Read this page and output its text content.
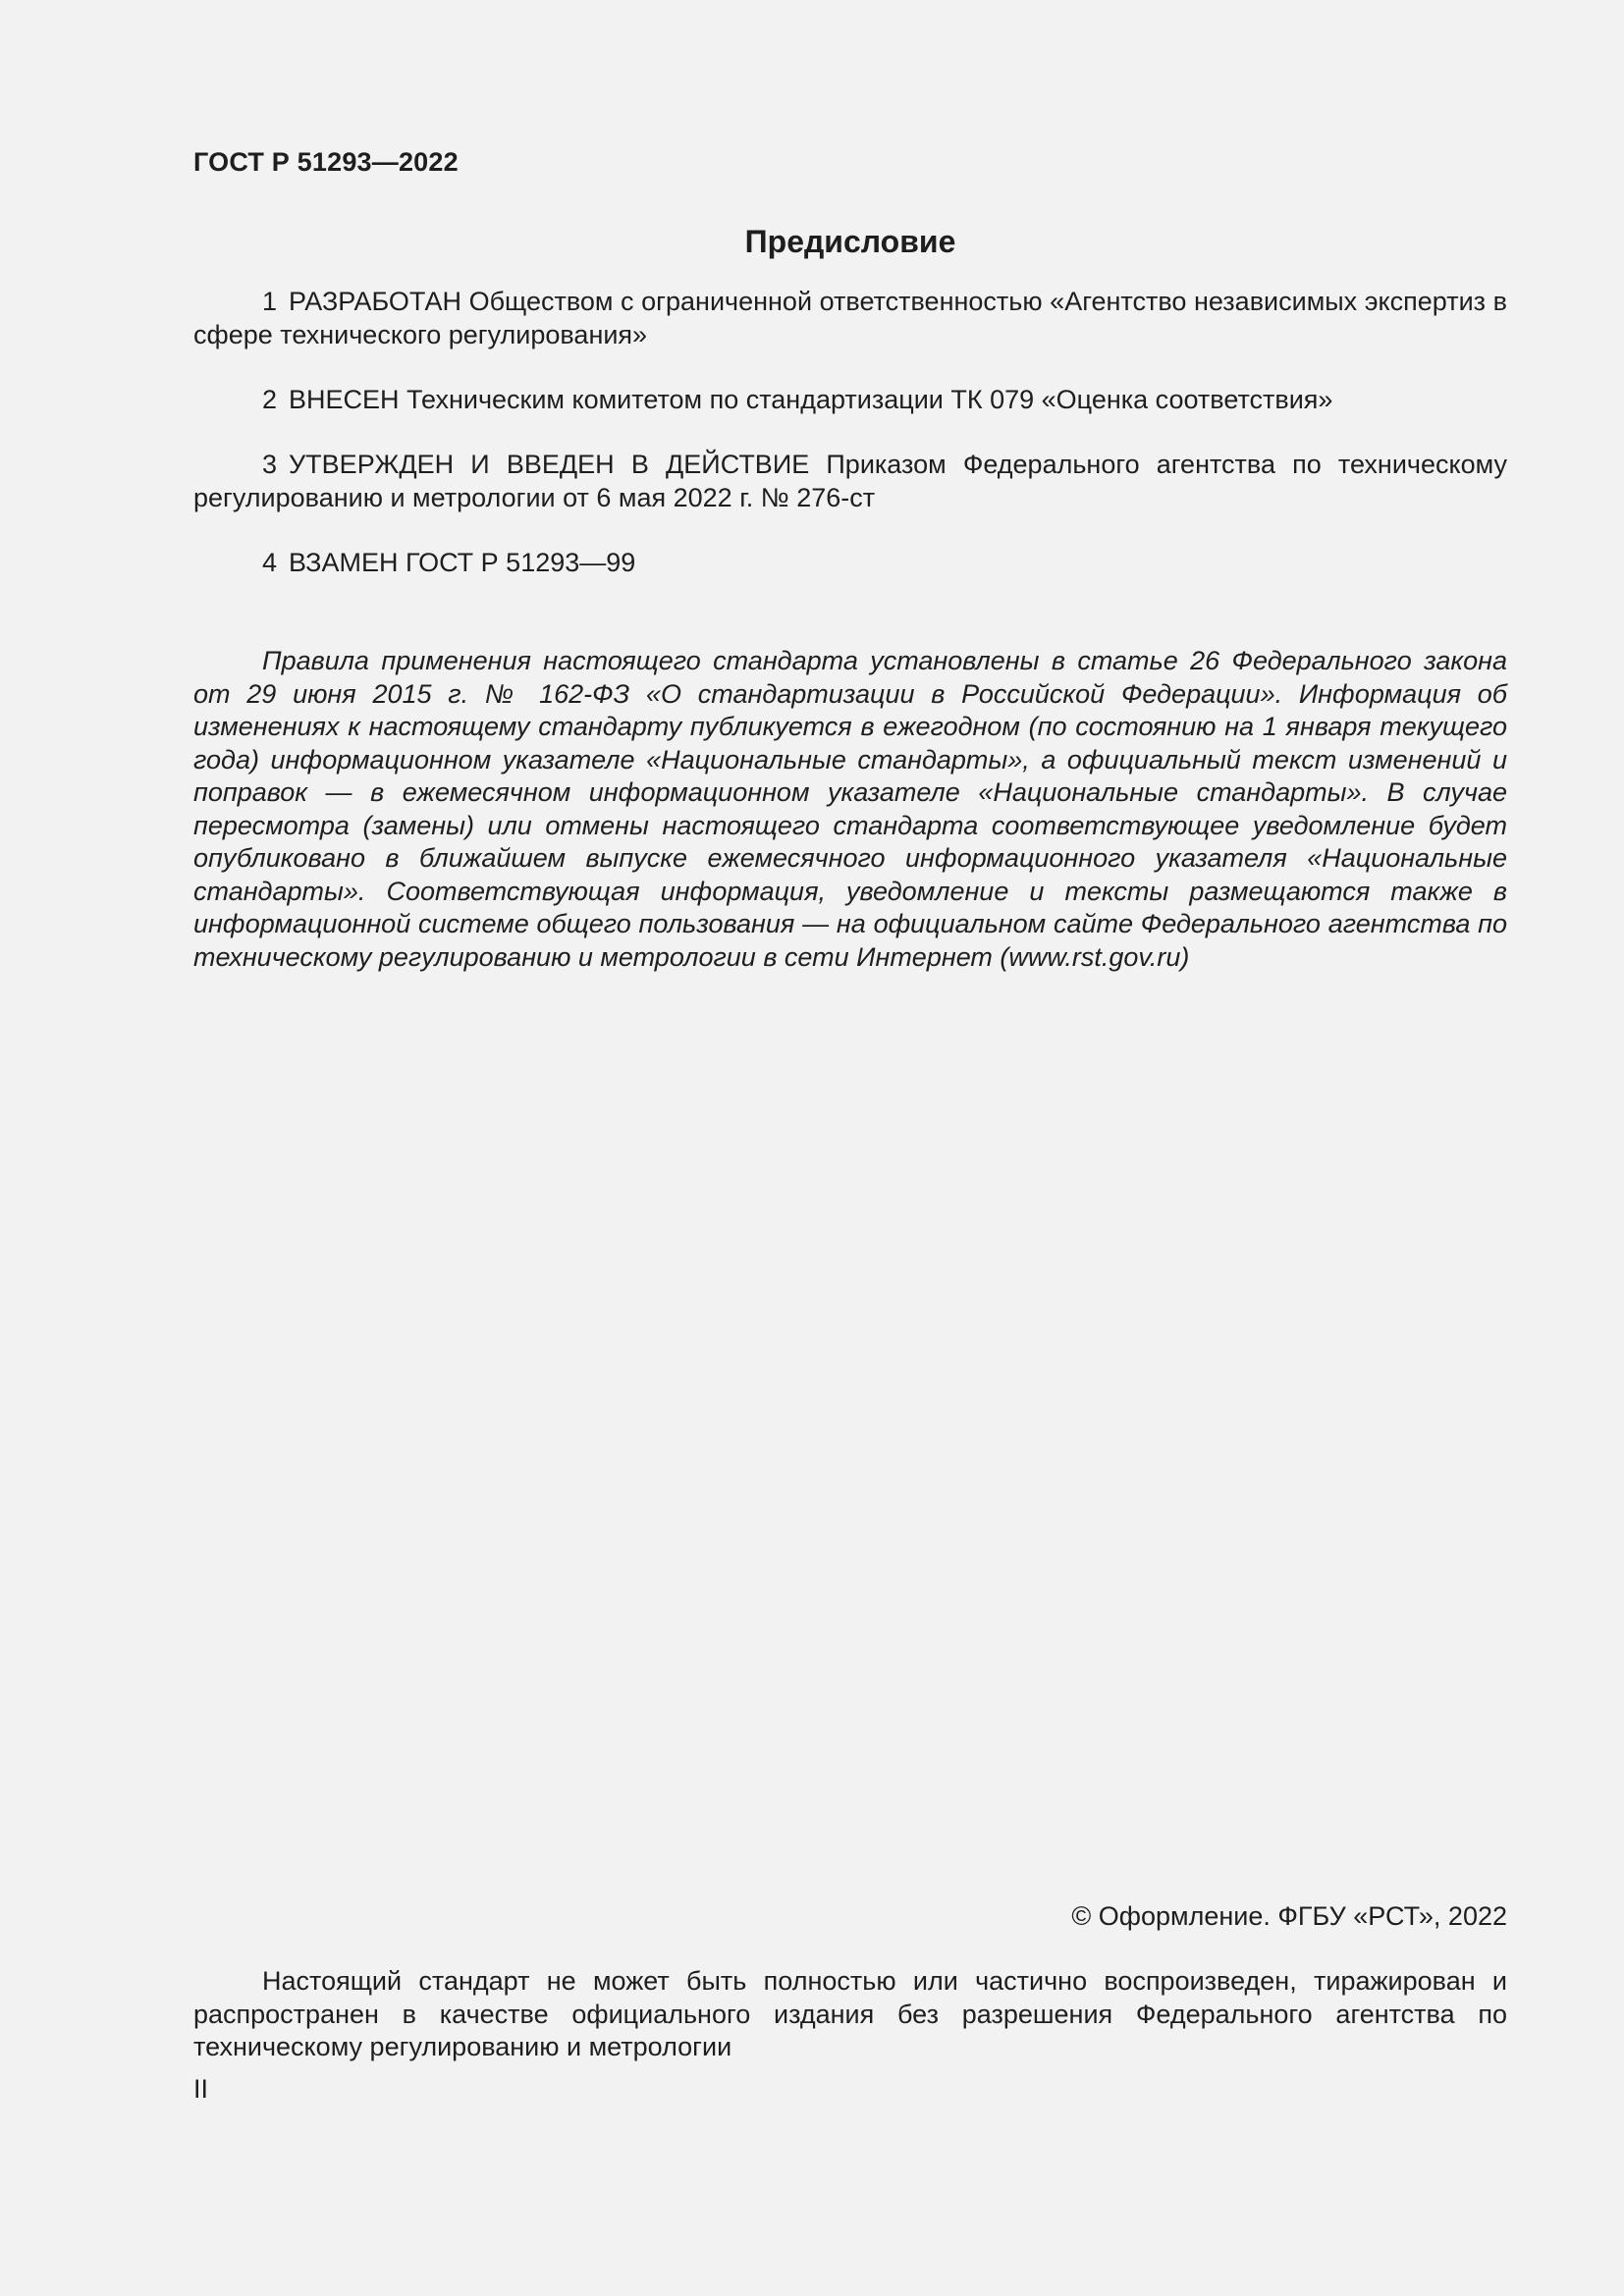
ГОСТ Р 51293—2022
Предисловие

1 РАЗРАБОТАН Обществом с ограниченной ответственностью «Агентство независимых экспертиз в сфере технического регулирования»

2 ВНЕСЕН Техническим комитетом по стандартизации ТК 079 «Оценка соответствия»

3 УТВЕРЖДЕН И ВВЕДЕН В ДЕЙСТВИЕ Приказом Федерального агентства по техническому регулированию и метрологии от 6 мая 2022 г. № 276-ст

4 ВЗАМЕН ГОСТ Р 51293—99

Правила применения настоящего стандарта установлены в статье 26 Федерального закона от 29 июня 2015 г. № 162-ФЗ «О стандартизации в Российской Федерации». Информация об изменениях к настоящему стандарту публикуется в ежегодном (по состоянию на 1 января текущего года) информационном указателе «Национальные стандарты», а официальный текст изменений и поправок — в ежемесячном информационном указателе «Национальные стандарты». В случае пересмотра (замены) или отмены настоящего стандарта соответствующее уведомление будет опубликовано в ближайшем выпуске ежемесячного информационного указателя «Национальные стандарты». Соответствующая информация, уведомление и тексты размещаются также в информационной системе общего пользования — на официальном сайте Федерального агентства по техническому регулированию и метрологии в сети Интернет (www.rst.gov.ru)

© Оформление. ФГБУ «РСТ», 2022

Настоящий стандарт не может быть полностью или частично воспроизведен, тиражирован и распространен в качестве официального издания без разрешения Федерального агентства по техническому регулированию и метрологии

II
